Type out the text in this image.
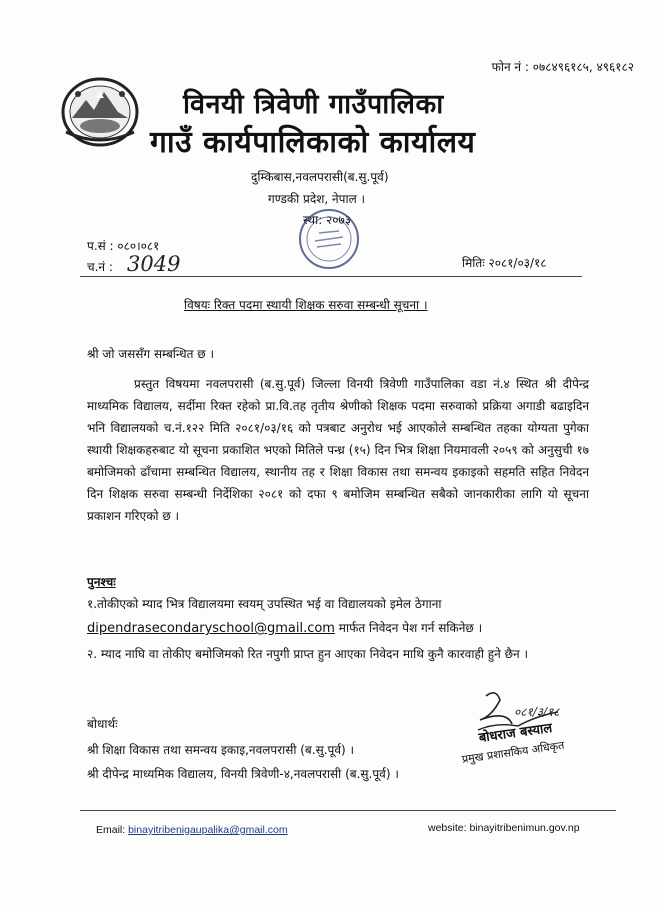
फोन नं : ०७८४९६१८५, ४९६१८२
विनयी त्रिवेणी गाउँपालिका
गाउँ कार्यपालिकाको कार्यालय
दुम्किबास,नवलपरासी(ब.सु.पूर्व)
गण्डकी प्रदेश, नेपाल ।
स्था: २०७३
प.सं : ०८०।०८१
च.नं : 3049	मितिः २०८१/०३/१८
विषयः रिक्त पदमा स्थायी शिक्षक सरुवा सम्बन्धी सूचना ।
श्री जो जससँग सम्बन्धित छ ।
प्रस्तुत विषयमा नवलपरासी (ब.सु.पूर्व) जिल्ला विनयी त्रिवेणी गाउँपालिका वडा नं.४ स्थित श्री दीपेन्द्र माध्यमिक विद्यालय, सर्दीमा रिक्त रहेको प्रा.वि.तह तृतीय श्रेणीको शिक्षक पदमा सरुवाको प्रक्रिया अगाडी बढाइदिन भनि विद्यालयको च.नं.१२२ मिति २०८१/०३/१६ को पत्रबाट अनुरोध भई आएकोले सम्बन्धित तहका योग्यता पुगेका स्थायी शिक्षकहरुबाट यो सूचना प्रकाशित भएको मितिले पन्ध्र (१५) दिन भित्र शिक्षा नियमावली २०५९ को अनुसुची १७ बमोजिमको ढाँचामा सम्बन्धित विद्यालय, स्थानीय तह र शिक्षा विकास तथा समन्वय इकाइको सहमति सहित निवेदन दिन शिक्षक सरुवा सम्बन्धी निर्देशिका २०८१ को दफा ९ बमोजिम सम्बन्धित सबैको जानकारीका लागि यो सूचना प्रकाशन गरिएको छ ।
पुनश्चः
१.तोकीएको म्याद भित्र विद्यालयमा स्वयम् उपस्थित भई वा विद्यालयको इमेल ठेगाना
dipendrasecondaryschool@gmail.com मार्फत निवेदन पेश गर्न सकिनेछ ।
२. म्याद नाघि वा तोकीए बमोजिमको रित नपुगी प्राप्त हुन आएका निवेदन माथि कुनै कारवाही हुने छैन ।
०८१/३/१८
बोधराज बस्याल
प्रमुख प्रशासकिय अधिकृत
बोधार्थः
श्री शिक्षा विकास तथा समन्वय इकाइ,नवलपरासी (ब.सु.पूर्व) ।
श्री दीपेन्द्र माध्यमिक विद्यालय, विनयी त्रिवेणी-४,नवलपरासी (ब.सु.पूर्व) ।
Email: binayitribenigaupalika@gmail.com	website: binayitribenimun.gov.np
